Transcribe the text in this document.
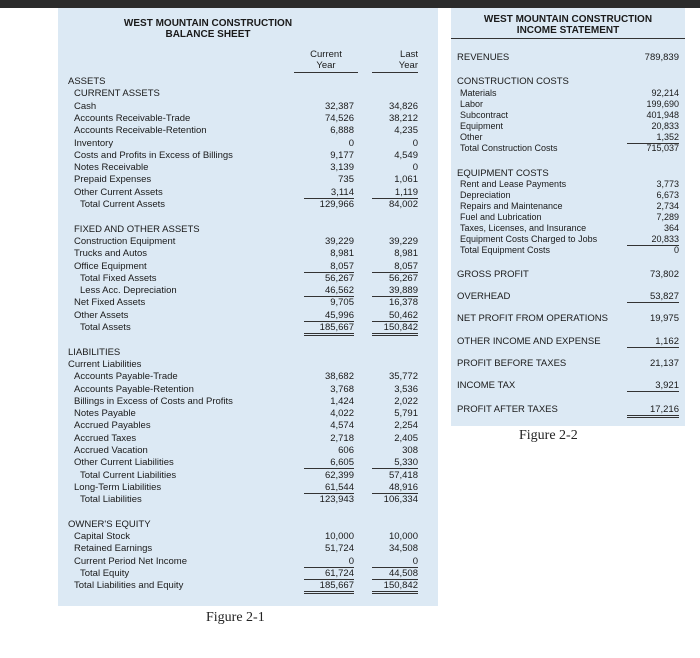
WEST MOUNTAIN CONSTRUCTION
BALANCE SHEET
Current
Year
Last
Year
ASSETS
CURRENT ASSETS
Cash	32,387	34,826
Accounts Receivable-Trade	74,526	38,212
Accounts Receivable-Retention	6,888	4,235
Inventory	0	0
Costs and Profits in Excess of Billings	9,177	4,549
Notes Receivable	3,139	0
Prepaid Expenses	735	1,061
Other Current Assets	3,114	1,119
Total Current Assets	129,966	84,002
FIXED AND OTHER ASSETS
Construction Equipment	39,229	39,229
Trucks and Autos	8,981	8,981
Office Equipment	8,057	8,057
Total Fixed Assets	56,267	56,267
Less Acc. Depreciation	46,562	39,889
Net Fixed Assets	9,705	16,378
Other Assets	45,996	50,462
Total Assets	185,667	150,842
LIABILITIES
Current Liabilities
Accounts Payable-Trade	38,682	35,772
Accounts Payable-Retention	3,768	3,536
Billings in Excess of Costs and Profits	1,424	2,022
Notes Payable	4,022	5,791
Accrued Payables	4,574	2,254
Accrued Taxes	2,718	2,405
Accrued Vacation	606	308
Other Current Liabilities	6,605	5,330
Total Current Liabilities	62,399	57,418
Long-Term Liabilities	61,544	48,916
Total Liabilities	123,943	106,334
OWNER'S EQUITY
Capital Stock	10,000	10,000
Retained Earnings	51,724	34,508
Current Period Net Income	0	0
Total Equity	61,724	44,508
Total Liabilities and Equity	185,667	150,842
WEST MOUNTAIN CONSTRUCTION
INCOME STATEMENT
REVENUES	789,839
CONSTRUCTION COSTS
Materials	92,214
Labor	199,690
Subcontract	401,948
Equipment	20,833
Other	1,352
Total Construction Costs	715,037
EQUIPMENT COSTS
Rent and Lease Payments	3,773
Depreciation	6,673
Repairs and Maintenance	2,734
Fuel and Lubrication	7,289
Taxes, Licenses, and Insurance	364
Equipment Costs Charged to Jobs	20,833
Total Equipment Costs	0
GROSS PROFIT	73,802
OVERHEAD	53,827
NET PROFIT FROM OPERATIONS	19,975
OTHER INCOME AND EXPENSE	1,162
PROFIT BEFORE TAXES	21,137
INCOME TAX	3,921
PROFIT AFTER TAXES	17,216
Figure 2-1
Figure 2-2
